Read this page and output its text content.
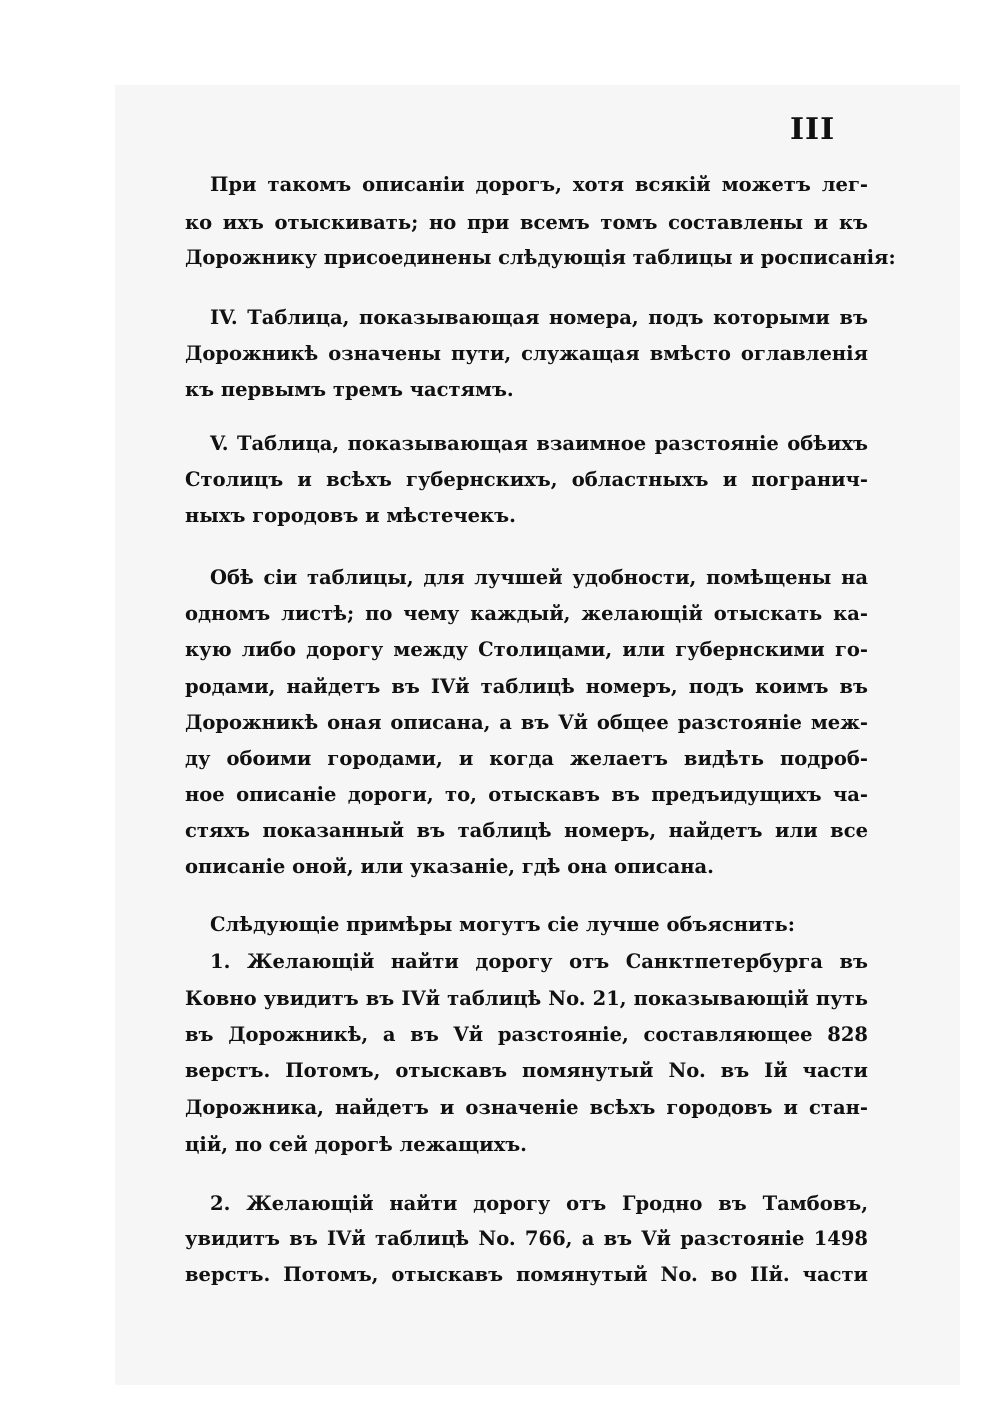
III
При такомъ описаніи дорогъ, хотя всякій можетъ лег-
ко ихъ отыскивать; но при всемъ томъ составлены и къ
Дорожнику присоединены слѣдующія таблицы и росписанія:
IV. Таблица, показывающая номера, подъ которыми въ
Дорожникѣ означены пути, служащая вмѣсто оглавленія
къ первымъ тремъ частямъ.
V. Таблица, показывающая взаимное разстояніе обѣихъ
Столицъ и всѣхъ губернскихъ, областныхъ и погранич-
ныхъ городовъ и мѣстечекъ.
Обѣ сіи таблицы, для лучшей удобности, помѣщены на
одномъ листѣ; по чему каждый, желающій отыскать ка-
кую либо дорогу между Столицами, или губернскими го-
родами, найдетъ въ IVй таблицѣ номеръ, подъ коимъ въ
Дорожникѣ оная описана, а въ Vй общее разстояніе меж-
ду обоими городами, и когда желаетъ видѣть подроб-
ное описаніе дороги, то, отыскавъ въ предъидущихъ ча-
стяхъ показанный въ таблицѣ номеръ, найдетъ или все
описаніе оной, или указаніе, гдѣ она описана.
Слѣдующіе примѣры могутъ сіе лучше объяснить:
1. Желающій найти дорогу отъ Санктпетербурга въ
Ковно увидитъ въ IVй таблицѣ No. 21, показывающій путь
въ Дорожникѣ, а въ Vй разстояніе, составляющее 828
верстъ. Потомъ, отыскавъ помянутый No. въ Iй части
Дорожника, найдетъ и означеніе всѣхъ городовъ и стан-
цій, по сей дорогѣ лежащихъ.
2. Желающій найти дорогу отъ Гродно въ Тамбовъ,
увидитъ въ IVй таблицѣ No. 766, а въ Vй разстояніе 1498
верстъ. Потомъ, отыскавъ помянутый No. во IIй. части
